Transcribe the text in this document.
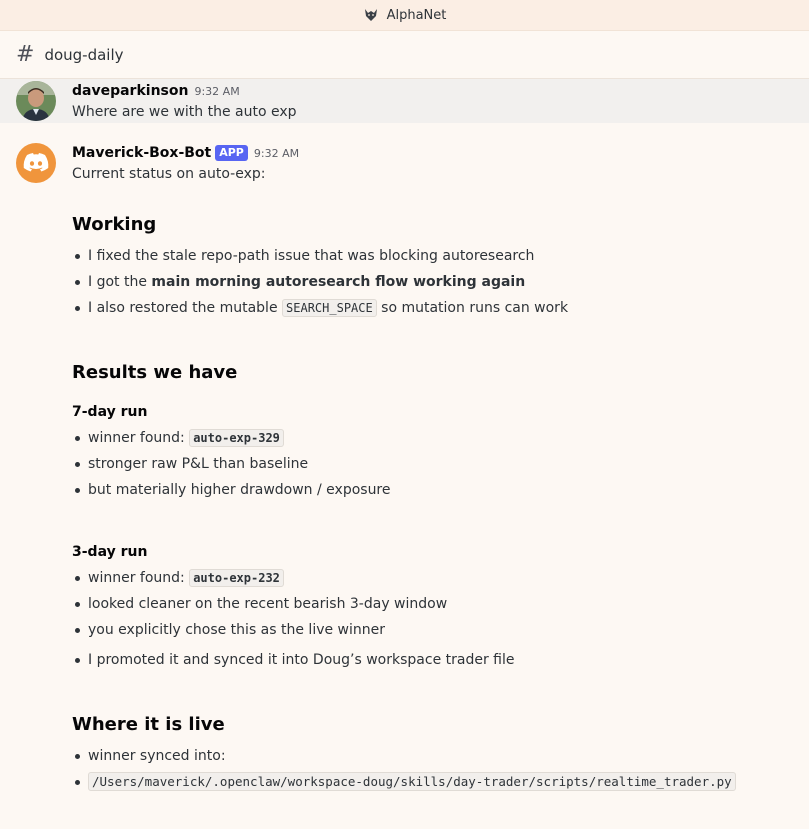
AlphaNet
# doug-daily
daveparkinson 9:32 AM
Where are we with the auto exp
Maverick-Box-Bot APP 9:32 AM
Current status on auto-exp:
Working
I fixed the stale repo-path issue that was blocking autoresearch
I got the main morning autoresearch flow working again
I also restored the mutable SEARCH_SPACE so mutation runs can work
Results we have
7-day run
winner found: auto-exp-329
stronger raw P&L than baseline
but materially higher drawdown / exposure
3-day run
winner found: auto-exp-232
looked cleaner on the recent bearish 3-day window
you explicitly chose this as the live winner
I promoted it and synced it into Doug’s workspace trader file
Where it is live
winner synced into:
/Users/maverick/.openclaw/workspace-doug/skills/day-trader/scripts/realtime_trader.py
